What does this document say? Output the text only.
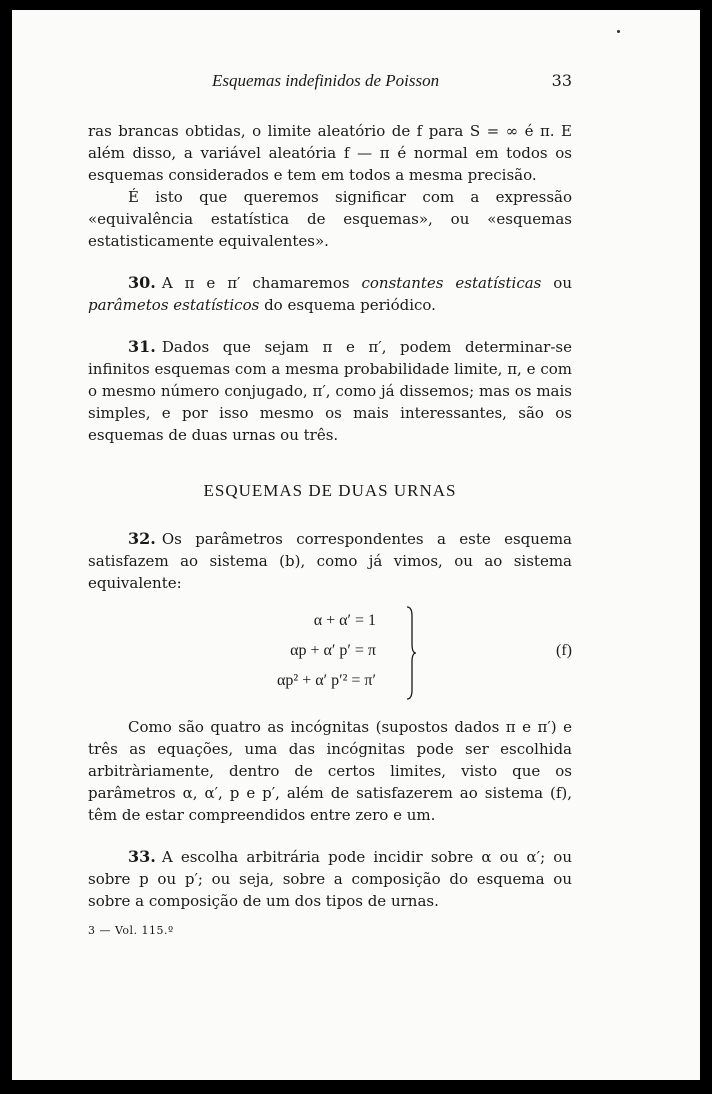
Esquemas indefinidos de Poisson	33

ras brancas obtidas, o limite aleatório de f para S = ∞ é π. E além disso, a variável aleatória f — π é normal em todos os esquemas considerados e tem em todos a mesma precisão.

É isto que queremos significar com a expressão «equivalência estatística de esquemas», ou «esquemas estatisticamente equivalentes».

30. A π e π′ chamaremos constantes estatísticas ou parâmetos estatísticos do esquema periódico.

31. Dados que sejam π e π′, podem determinar-se infinitos esquemas com a mesma probabilidade limite, π, e com o mesmo número conjugado, π′, como já dissemos; mas os mais simples, e por isso mesmo os mais interessantes, são os esquemas de duas urnas ou três.

ESQUEMAS DE DUAS URNAS

32. Os parâmetros correspondentes a este esquema satisfazem ao sistema (b), como já vimos, ou ao sistema equivalente:

α + α′ = 1
αp + α′ p′ = π
αp² + α′ p′² = π′
(f)

Como são quatro as incógnitas (supostos dados π e π′) e três as equações, uma das incógnitas pode ser escolhida arbitràriamente, dentro de certos limites, visto que os parâmetros α, α′, p e p′, além de satisfazerem ao sistema (f), têm de estar compreendidos entre zero e um.

33. A escolha arbitrária pode incidir sobre α ou α′; ou sobre p ou p′; ou seja, sobre a composição do esquema ou sobre a composição de um dos tipos de urnas.

3 — Vol. 115.º
